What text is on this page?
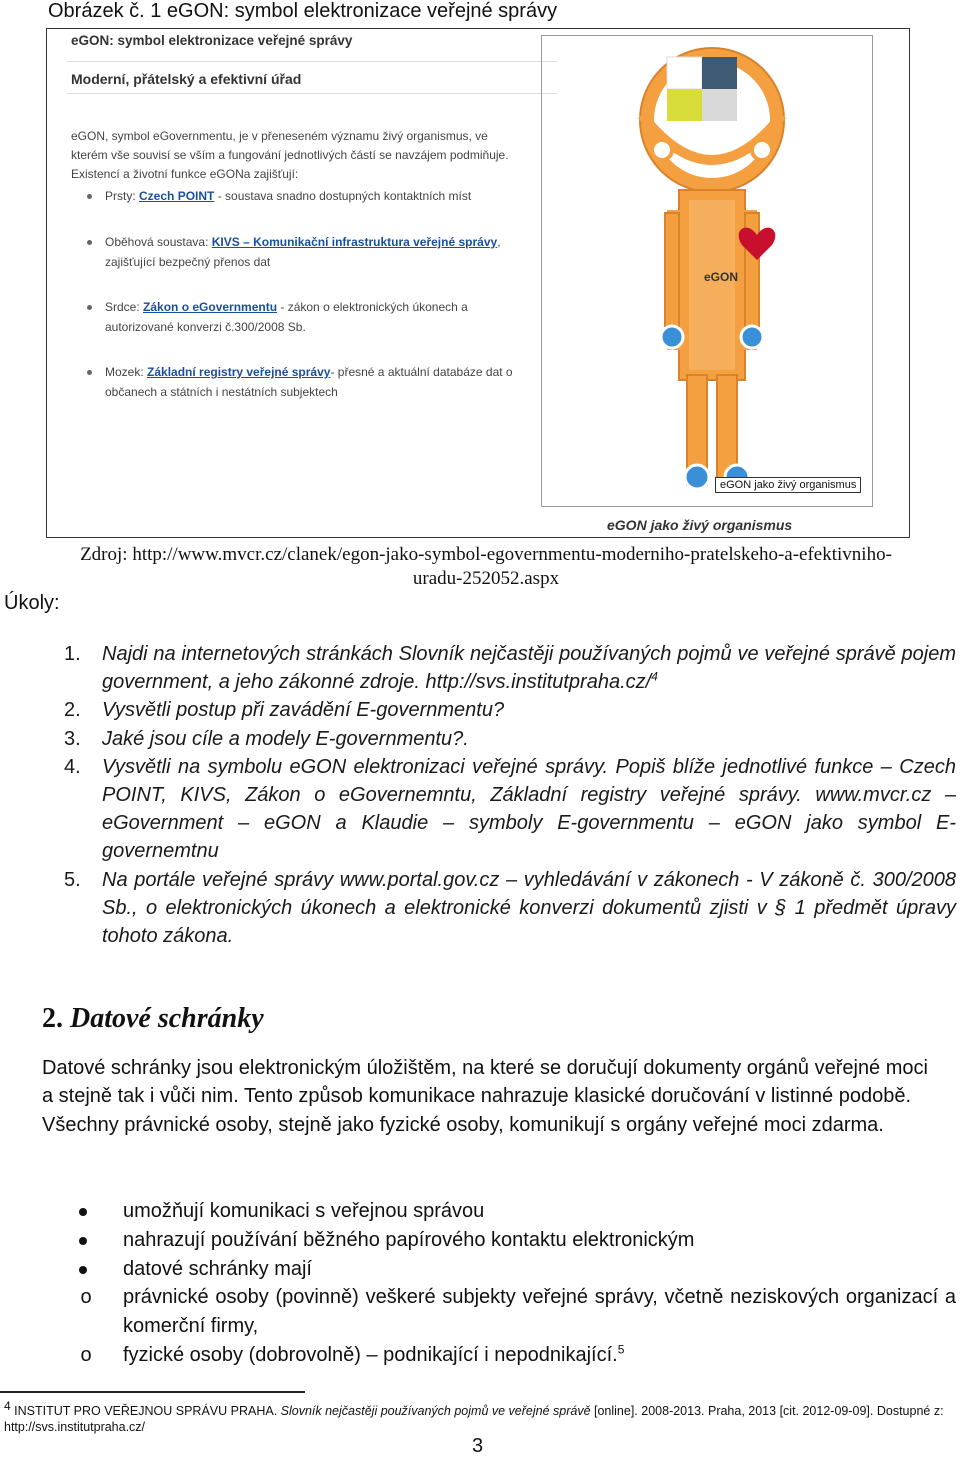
Obrázek č. 1 eGON: symbol elektronizace veřejné správy
eGON: symbol elektronizace veřejné správy
Moderní, přátelský a efektivní úřad
eGON, symbol eGovernmentu, je v přeneseném významu živý organismus, ve kterém vše souvisí se vším a fungování jednotlivých částí se navzájem podmiňuje. Existencí a životní funkce eGONa zajišťují:
Prsty: Czech POINT - soustava snadno dostupných kontaktních míst
Oběhová soustava: KIVS – Komunikační infrastruktura veřejné správy, zajišťující bezpečný přenos dat
Srdce: Zákon o eGovernmentu - zákon o elektronických úkonech a autorizované konverzi č.300/2008 Sb.
Mozek: Základní registry veřejné správy- přesné a aktuální databáze dat o občanech a státních i nestátních subjektech
eGON
eGON jako živý organismus
eGON jako živý organismus
Zdroj: http://www.mvcr.cz/clanek/egon-jako-symbol-egovernmentu-moderniho-pratelskeho-a-efektivniho-uradu-252052.aspx
Úkoly:
1. Najdi na internetových stránkách Slovník nejčastěji používaných pojmů ve veřejné správě pojem government, a jeho zákonné zdroje. http://svs.institutpraha.cz/$^4$
2. Vysvětli postup při zavádění E-governmentu?
3. Jaké jsou cíle a modely E-governmentu?.
4. Vysvětli na symbolu eGON elektronizaci veřejné správy. Popiš blíže jednotlivé funkce – Czech POINT, KIVS, Zákon o eGovernemntu, Základní registry veřejné správy. www.mvcr.cz – eGovernment – eGON a Klaudie – symboly E-governmentu – eGON jako symbol E-governemtnu
5. Na portále veřejné správy www.portal.gov.cz – vyhledávání v zákonech - V zákoně č. 300/2008 Sb., o elektronických úkonech a elektronické konverzi dokumentů zjisti v § 1 předmět úpravy tohoto zákona.
2. Datové schránky
Datové schránky jsou elektronickým úložištěm, na které se doručují dokumenty orgánů veřejné moci a stejně tak i vůči nim. Tento způsob komunikace nahrazuje klasické doručování v listinné podobě. Všechny právnické osoby, stejně jako fyzické osoby, komunikují s orgány veřejné moci zdarma.
umožňují komunikaci s veřejnou správou
nahrazují používání běžného papírového kontaktu elektronickým
datové schránky mají
o právnické osoby (povinně) veškeré subjekty veřejné správy, včetně neziskových organizací a komerční firmy,
o fyzické osoby (dobrovolně) – podnikající i nepodnikající.$^5$
4 INSTITUT PRO VEŘEJNOU SPRÁVU PRAHA. Slovník nejčastěji používaných pojmů ve veřejné správě [online]. 2008-2013. Praha, 2013 [cit. 2012-09-09]. Dostupné z: http://svs.institutpraha.cz/
3
